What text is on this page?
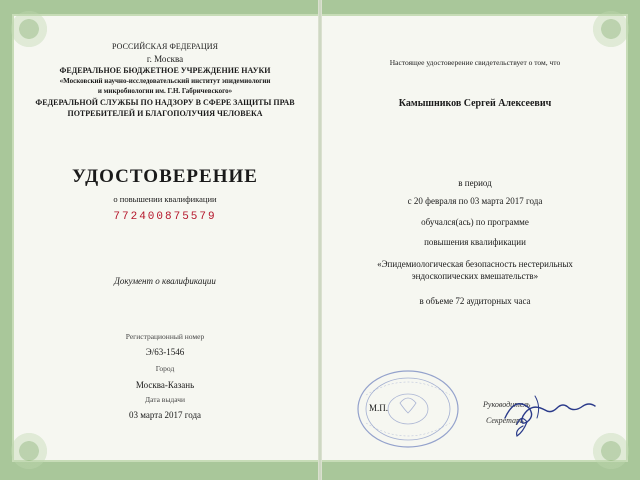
РОССИЙСКАЯ ФЕДЕРАЦИЯ
г. Москва
ФЕДЕРАЛЬНОЕ БЮДЖЕТНОЕ УЧРЕЖДЕНИЕ НАУКИ
«Московский научно-исследовательский институт эпидемиологии
и микробиологии им. Г.Н. Габричевского»
ФЕДЕРАЛЬНОЙ СЛУЖБЫ ПО НАДЗОРУ В СФЕРЕ ЗАЩИТЫ ПРАВ
ПОТРЕБИТЕЛЕЙ И БЛАГОПОЛУЧИЯ ЧЕЛОВЕКА
УДОСТОВЕРЕНИЕ
о повышении квалификации
772400875579
Документ о квалификации
Регистрационный номер
Э/63-1546
Город
Москва-Казань
Дата выдачи
03 марта 2017 года
Настоящее удостоверение свидетельствует о том, что
Камышников Сергей Алексеевич
в период
с 20 февраля по 03 марта 2017 года
обучался(ась) по программе
повышения квалификации
«Эпидемиологическая безопасность нестерильных
эндоскопических вмешательств»
в объеме 72 аудиторных часа
М.П.	Руководитель
Секретарь
